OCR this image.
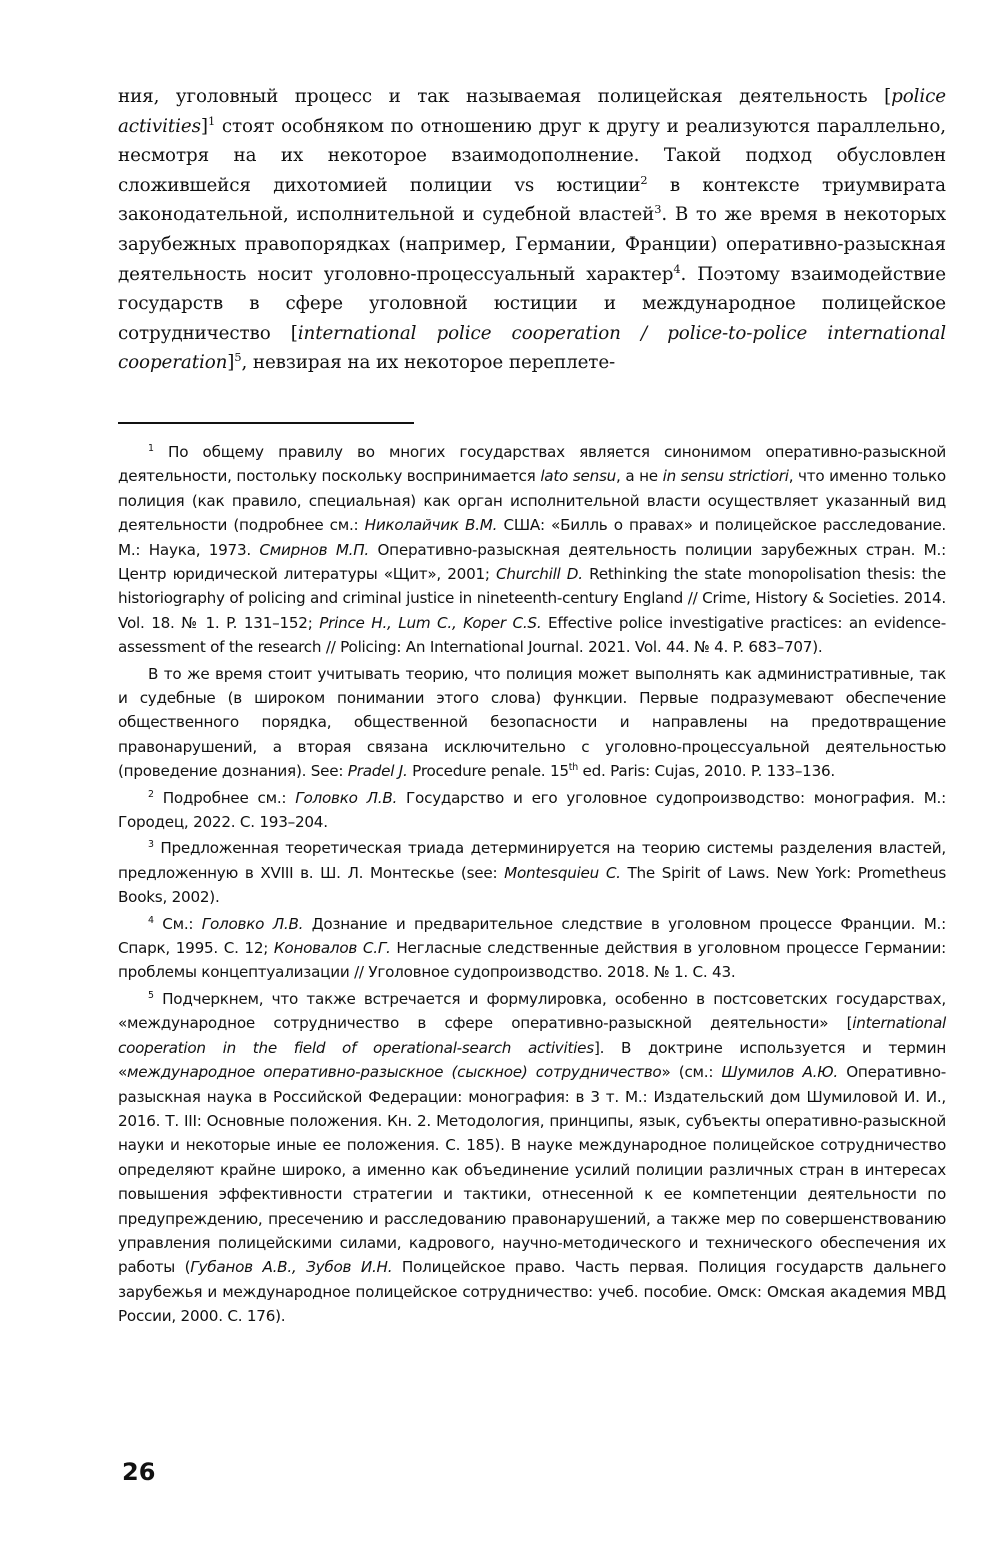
ния, уголовный процесс и так называемая полицейская деятельность [police activities]$^1$ стоят особняком по отношению друг к другу и реализуются параллельно, несмотря на их некоторое взаимодополнение. Такой подход обусловлен сложившейся дихотомией полиции vs юстиции$^2$ в контексте триумвирата законодательной, исполнительной и судебной властей$^3$. В то же время в некоторых зарубежных правопорядках (например, Германии, Франции) оперативно-разыскная деятельность носит уголовно-процессуальный характер$^4$. Поэтому взаимодействие государств в сфере уголовной юстиции и международное полицейское сотрудничество [international police cooperation / police-to-police international cooperation]$^5$, невзирая на их некоторое переплете-

$^1$ По общему правилу во многих государствах является синонимом оперативно-разыскной деятельности, постольку поскольку воспринимается lato sensu, а не in sensu strictiori, что именно только полиция (как правило, специальная) как орган исполнительной власти осуществляет указанный вид деятельности (подробнее см.: Николайчик В.М. США: «Билль о правах» и полицейское расследование. М.: Наука, 1973. Смирнов М.П. Оперативно-разыскная деятельность полиции зарубежных стран. М.: Центр юридической литературы «Щит», 2001; Churchill D. Rethinking the state monopolisation thesis: the historiography of policing and criminal justice in nineteenth-century England // Crime, History & Societies. 2014. Vol. 18. № 1. P. 131–152; Prince H., Lum C., Koper C.S. Effective police investigative practices: an evidence-assessment of the research // Policing: An International Journal. 2021. Vol. 44. № 4. P. 683–707).

В то же время стоит учитывать теорию, что полиция может выполнять как административные, так и судебные (в широком понимании этого слова) функции. Первые подразумевают обеспечение общественного порядка, общественной безопасности и направлены на предотвращение правонарушений, а вторая связана исключительно с уголовно-процессуальной деятельностью (проведение дознания). See: Pradel J. Procedure penale. 15th ed. Paris: Cujas, 2010. P. 133–136.

$^2$ Подробнее см.: Головко Л.В. Государство и его уголовное судопроизводство: монография. М.: Городец, 2022. С. 193–204.

$^3$ Предложенная теоретическая триада детерминируется на теорию системы разделения властей, предложенную в XVIII в. Ш. Л. Монтескье (see: Montesquieu C. The Spirit of Laws. New York: Prometheus Books, 2002).

$^4$ См.: Головко Л.В. Дознание и предварительное следствие в уголовном процессе Франции. М.: Спарк, 1995. С. 12; Коновалов С.Г. Негласные следственные действия в уголовном процессе Германии: проблемы концептуализации // Уголовное судопроизводство. 2018. № 1. С. 43.

$^5$ Подчеркнем, что также встречается и формулировка, особенно в постсоветских государствах, «международное сотрудничество в сфере оперативно-разыскной деятельности» [international cooperation in the field of operational-search activities]. В доктрине используется и термин «международное оперативно-разыскное (сыскное) сотрудничество» (см.: Шумилов А.Ю. Оперативно-разыскная наука в Российской Федерации: монография: в 3 т. М.: Издательский дом Шумиловой И. И., 2016. Т. III: Основные положения. Кн. 2. Методология, принципы, язык, субъекты оперативно-разыскной науки и некоторые иные ее положения. С. 185). В науке международное полицейское сотрудничество определяют крайне широко, а именно как объединение усилий полиции различных стран в интересах повышения эффективности стратегии и тактики, отнесенной к ее компетенции деятельности по предупреждению, пресечению и расследованию правонарушений, а также мер по совершенствованию управления полицейскими силами, кадрового, научно-методического и технического обеспечения их работы (Губанов А.В., Зубов И.Н. Полицейское право. Часть первая. Полиция государств дальнего зарубежья и международное полицейское сотрудничество: учеб. пособие. Омск: Омская академия МВД России, 2000. С. 176).

26
